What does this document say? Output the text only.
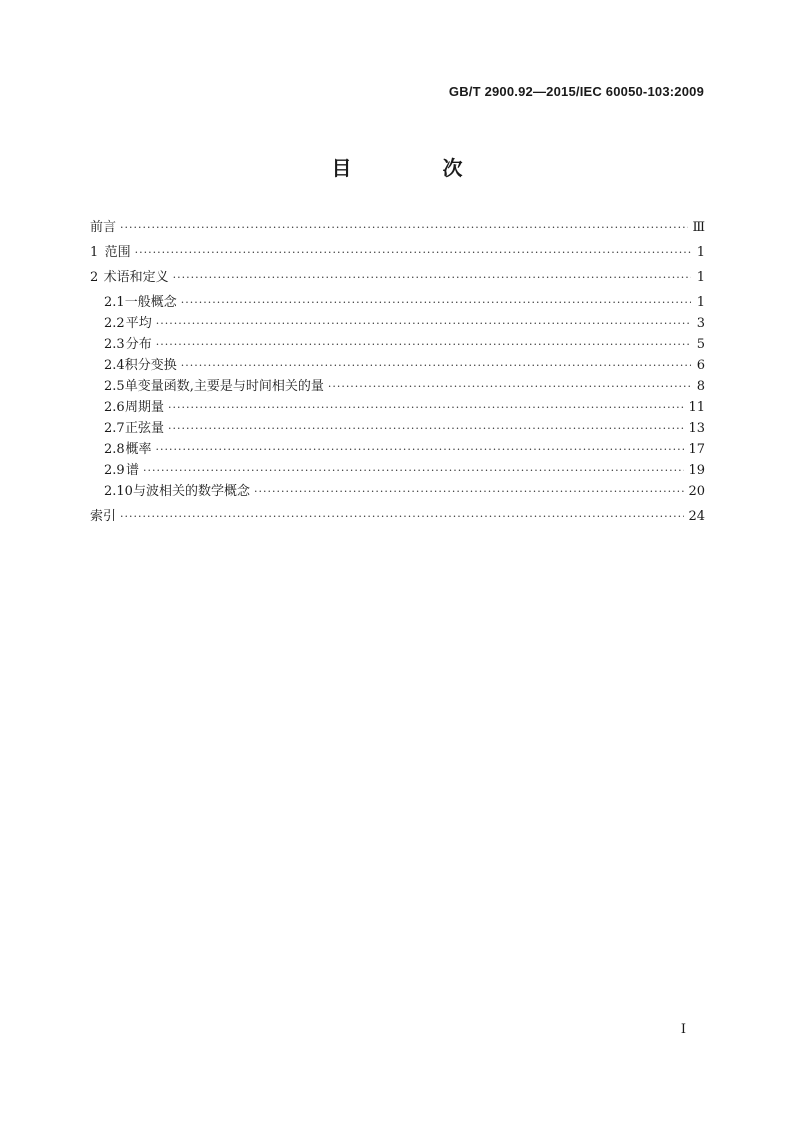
GB/T 2900.92—2015/IEC 60050-103:2009
目 次
前言 ·····	Ⅲ
1 范围 ·····	1
2 术语和定义 ·····	1
2.1 一般概念 ·····	1
2.2 平均 ·····	3
2.3 分布 ·····	5
2.4 积分变换 ·····	6
2.5 单变量函数,主要是与时间相关的量 ·····	8
2.6 周期量 ·····	11
2.7 正弦量 ·····	13
2.8 概率 ·····	17
2.9 谱 ·····	19
2.10 与波相关的数学概念 ·····	20
索引 ·····	24
I
